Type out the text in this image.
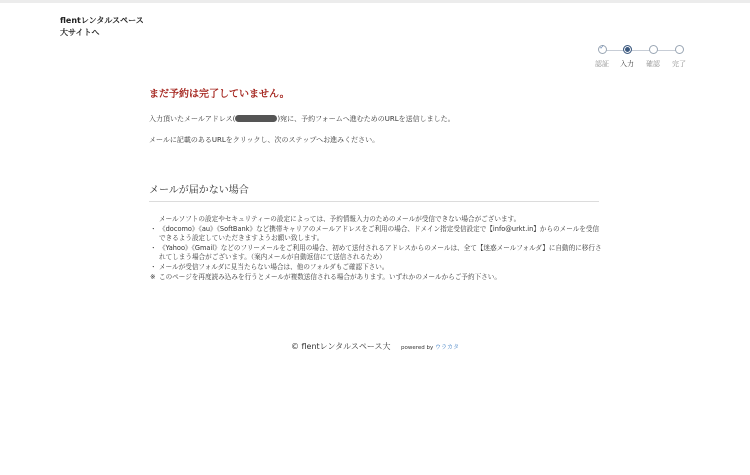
flentレンタルスペース大サイトへ
✓
認証	入力	確認	完了

まだ予約は完了していません。

入力頂いたメールアドレス(	)宛に、予約フォームへ進むためのURLを送信しました。

メールに記載のあるURLをクリックし、次のステップへお進みください。

メールが届かない場合
メールソフトの設定やセキュリティーの設定によっては、予約情報入力のためのメールが受信できない場合がございます。
・ 《docomo》《au》《SoftBank》など携帯キャリアのメールアドレスをご利用の場合、ドメイン指定受信設定で【info@urkt.in】からのメールを受信できるよう設定していただきますようお願い致します。
・ 《Yahoo》《Gmail》などのフリーメールをご利用の場合、初めて送付されるアドレスからのメールは、全て【迷惑メールフォルダ】に自動的に移行されてしまう場合がございます。（案内メールが自動返信にて送信されるため）
・ メールが受信フォルダに見当たらない場合は、他のフォルダもご確認下さい。
※ このページを再度読み込みを行うとメールが複数送信される場合があります。いずれかのメールからご予約下さい。
© flentレンタルスペース大 powered by ウラカタ
